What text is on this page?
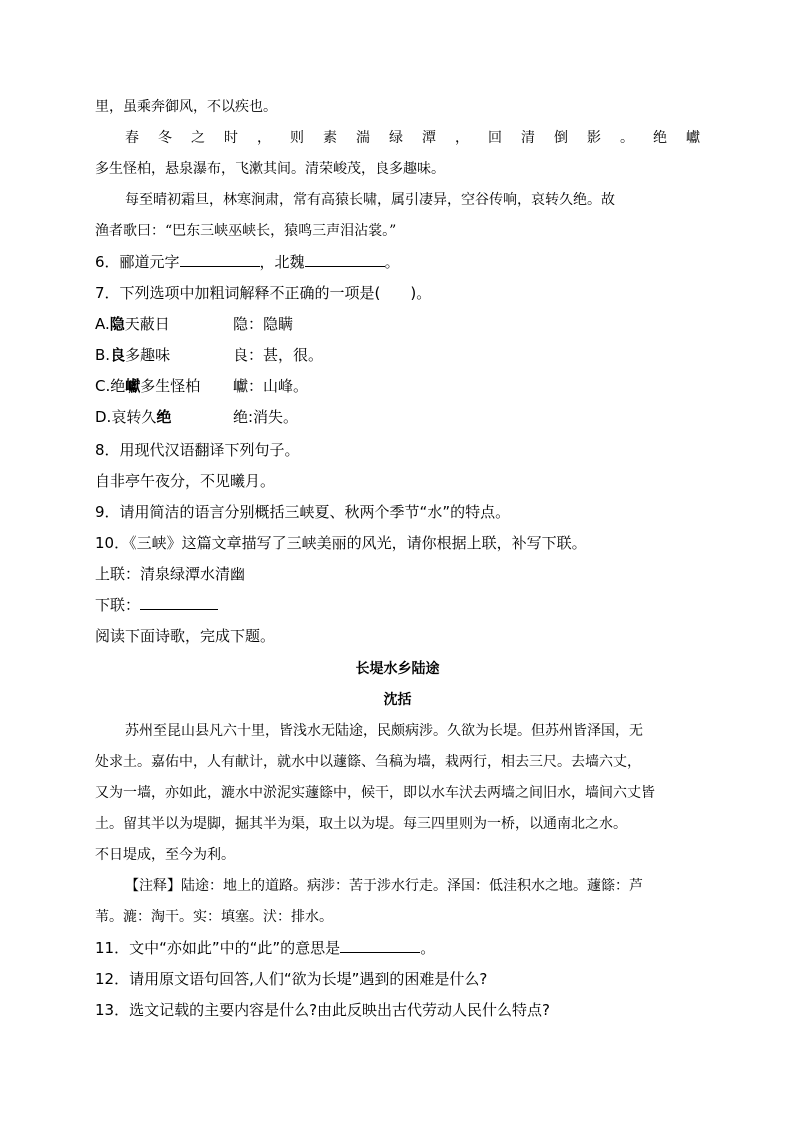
里，虽乘奔御风，不以疾也。
春 冬 之 时 ， 则 素 湍 绿 潭 ， 回 清 倒 影 。 绝 巘
多生怪柏，悬泉瀑布，飞漱其间。清荣峻茂，良多趣味。
每至晴初霜旦，林寒涧肃，常有高猿长啸，属引凄异，空谷传响，哀转久绝。故
渔者歌曰：“巴东三峡巫峡长，猿鸣三声泪沾裳。”
6．郦道元字	，北魏	。
7．下列选项中加粗词解释不正确的一项是(　　)。
A.隐天蔽日	隐：隐瞒
B.良多趣味	良：甚，很。
C.绝巘多生怪柏 巘：山峰。
D.哀转久绝	绝:消失。
8．用现代汉语翻译下列句子。
自非亭午夜分，不见曦月。
9．请用简洁的语言分别概括三峡夏、秋两个季节“水”的特点。
10．《三峡》这篇文章描写了三峡美丽的风光，请你根据上联，补写下联。
上联：清泉绿潭水清幽
下联：
阅读下面诗歌，完成下题。
长堤水乡陆途
沈括
苏州至昆山县凡六十里，皆浅水无陆途，民颇病涉。久欲为长堤。但苏州皆泽国，无
处求土。嘉佑中，人有献计，就水中以蘧篨、刍稿为墙，栽两行，相去三尺。去墙六丈，
又为一墙，亦如此，漉水中淤泥实蘧篨中，候干，即以水车汱去两墙之间旧水，墙间六丈皆
土。留其半以为堤脚，掘其半为渠，取土以为堤。每三四里则为一桥，以通南北之水。
不日堤成，至今为利。
【注释】陆途：地上的道路。病涉：苦于涉水行走。泽国：低洼积水之地。蘧篨：芦
苇。漉：淘干。实：填塞。汱：排水。
11．文中“亦如此”中的“此”的意思是	。
12．请用原文语句回答,人们“欲为长堤”遇到的困难是什么?
13．选文记载的主要内容是什么?由此反映出古代劳动人民什么特点?
